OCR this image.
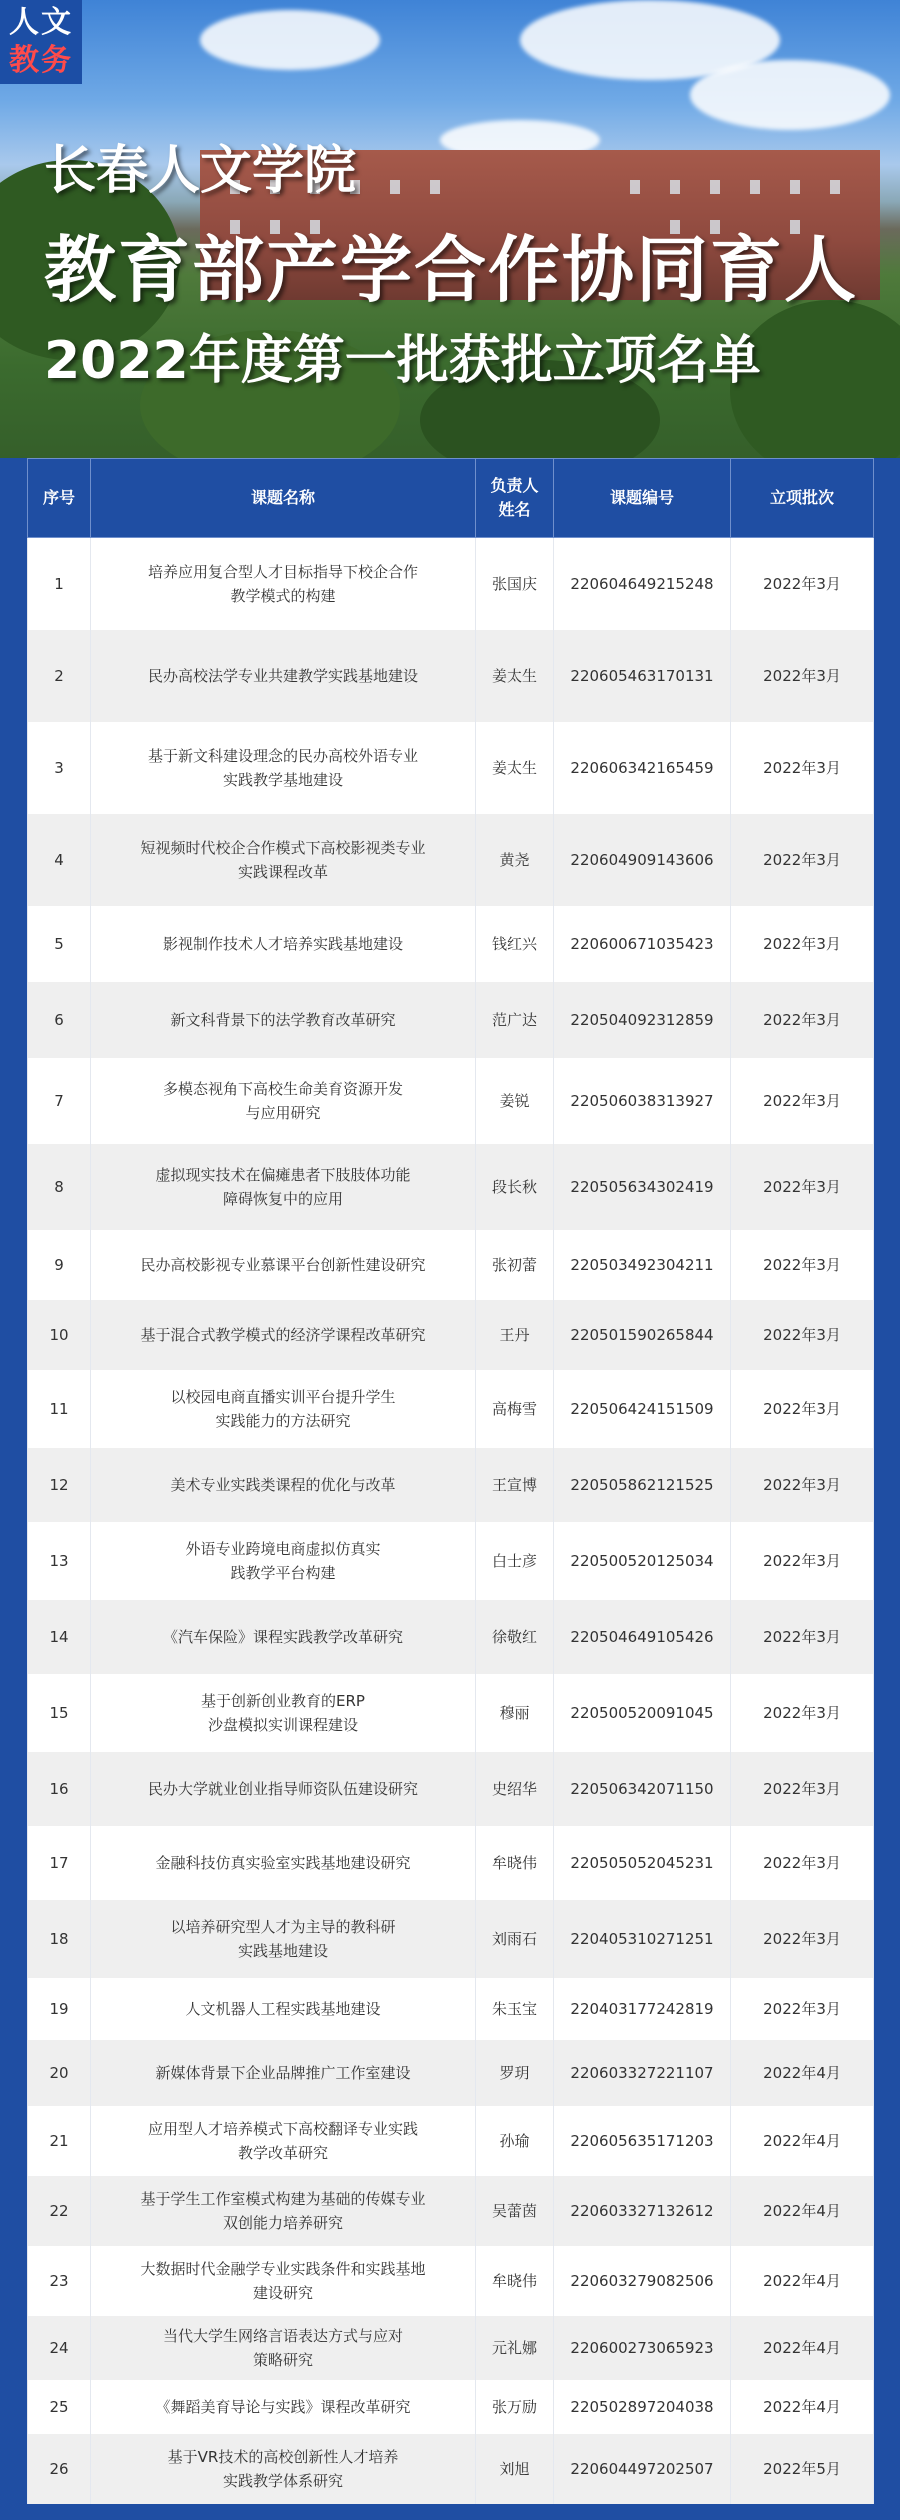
人文
教务
长春人文学院
教育部产学合作协同育人
2022年度第一批获批立项名单
序号	课题名称	负责人
姓名	课题编号	立项批次
1	培养应用复合型人才目标指导下校企合作
教学模式的构建	张国庆	220604649215248	2022年3月
2	民办高校法学专业共建教学实践基地建设	姜太生	220605463170131	2022年3月
3	基于新文科建设理念的民办高校外语专业
实践教学基地建设	姜太生	220606342165459	2022年3月
4	短视频时代校企合作模式下高校影视类专业
实践课程改革	黄尧	220604909143606	2022年3月
5	影视制作技术人才培养实践基地建设	钱红兴	220600671035423	2022年3月
6	新文科背景下的法学教育改革研究	范广达	220504092312859	2022年3月
7	多模态视角下高校生命美育资源开发
与应用研究	姜锐	220506038313927	2022年3月
8	虚拟现实技术在偏瘫患者下肢肢体功能
障碍恢复中的应用	段长秋	220505634302419	2022年3月
9	民办高校影视专业慕课平台创新性建设研究	张初蕾	220503492304211	2022年3月
10	基于混合式教学模式的经济学课程改革研究	王丹	220501590265844	2022年3月
11	以校园电商直播实训平台提升学生
实践能力的方法研究	高梅雪	220506424151509	2022年3月
12	美术专业实践类课程的优化与改革	王宣博	220505862121525	2022年3月
13	外语专业跨境电商虚拟仿真实
践教学平台构建	白士彦	220500520125034	2022年3月
14	《汽车保险》课程实践教学改革研究	徐敬红	220504649105426	2022年3月
15	基于创新创业教育的ERP
沙盘模拟实训课程建设	穆丽	220500520091045	2022年3月
16	民办大学就业创业指导师资队伍建设研究	史绍华	220506342071150	2022年3月
17	金融科技仿真实验室实践基地建设研究	牟晓伟	220505052045231	2022年3月
18	以培养研究型人才为主导的教科研
实践基地建设	刘雨石	220405310271251	2022年3月
19	人文机器人工程实践基地建设	朱玉宝	220403177242819	2022年3月
20	新媒体背景下企业品牌推广工作室建设	罗玥	220603327221107	2022年4月
21	应用型人才培养模式下高校翻译专业实践
教学改革研究	孙瑜	220605635171203	2022年4月
22	基于学生工作室模式构建为基础的传媒专业
双创能力培养研究	吴蕾茵	220603327132612	2022年4月
23	大数据时代金融学专业实践条件和实践基地
建设研究	牟晓伟	220603279082506	2022年4月
24	当代大学生网络言语表达方式与应对
策略研究	元礼娜	220600273065923	2022年4月
25	《舞蹈美育导论与实践》课程改革研究	张万励	220502897204038	2022年4月
26	基于VR技术的高校创新性人才培养
实践教学体系研究	刘旭	220604497202507	2022年5月
